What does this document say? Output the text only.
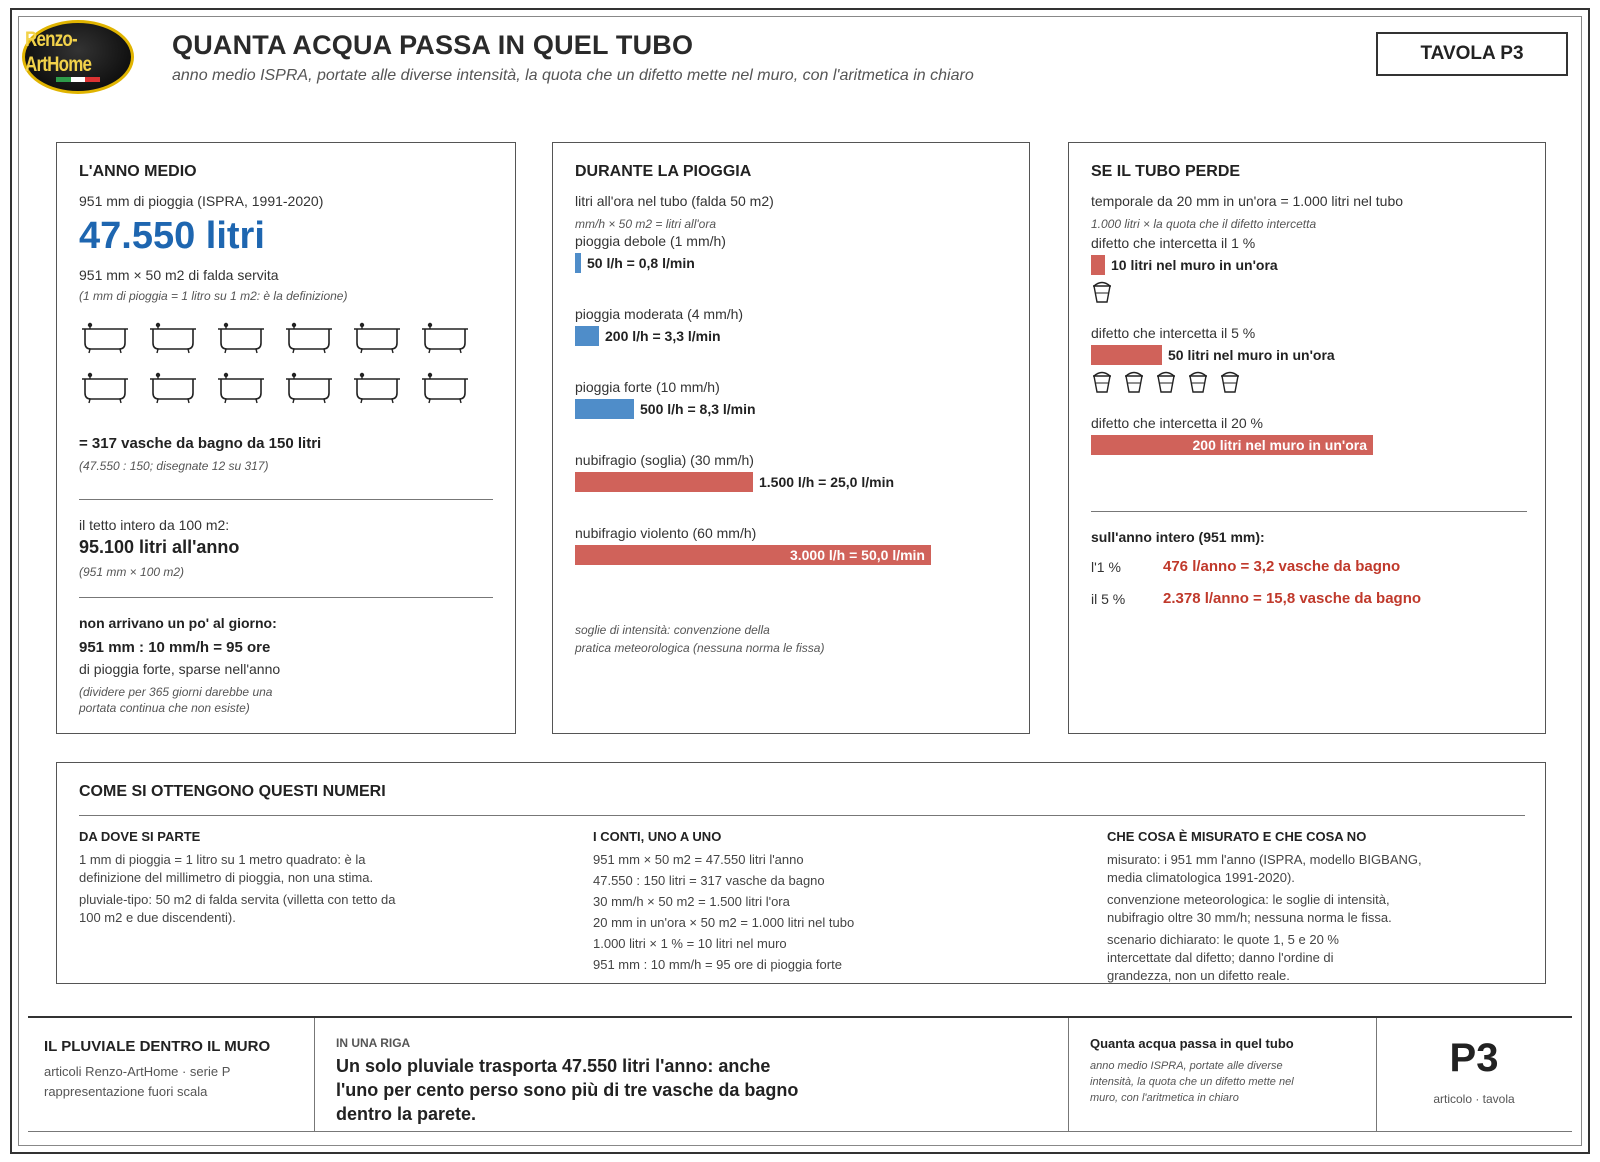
Renzo-ArtHome
QUANTA ACQUA PASSA IN QUEL TUBO
anno medio ISPRA, portate alle diverse intensità, la quota che un difetto mette nel muro, con l'aritmetica in chiaro
TAVOLA P3
L'ANNO MEDIO
951 mm di pioggia (ISPRA, 1991-2020)
47.550 litri
951 mm × 50 m2 di falda servita
(1 mm di pioggia = 1 litro su 1 m2: è la definizione)
= 317 vasche da bagno da 150 litri
(47.550 : 150; disegnate 12 su 317)
il tetto intero da 100 m2:
95.100 litri all'anno
(951 mm × 100 m2)
non arrivano un po' al giorno:
951 mm : 10 mm/h = 95 ore
di pioggia forte, sparse nell'anno
(dividere per 365 giorni darebbe una
portata continua che non esiste)
DURANTE LA PIOGGIA
litri all'ora nel tubo (falda 50 m2)
mm/h × 50 m2 = litri all'ora
pioggia debole (1 mm/h)
50 l/h = 0,8 l/min
pioggia moderata (4 mm/h)
200 l/h = 3,3 l/min
pioggia forte (10 mm/h)
500 l/h = 8,3 l/min
nubifragio (soglia) (30 mm/h)
1.500 l/h = 25,0 l/min
nubifragio violento (60 mm/h)
3.000 l/h = 50,0 l/min
soglie di intensità: convenzione della
pratica meteorologica (nessuna norma le fissa)
SE IL TUBO PERDE
temporale da 20 mm in un'ora = 1.000 litri nel tubo
1.000 litri × la quota che il difetto intercetta
difetto che intercetta il 1 %
10 litri nel muro in un'ora
difetto che intercetta il 5 %
50 litri nel muro in un'ora
difetto che intercetta il 20 %
200 litri nel muro in un'ora
sull'anno intero (951 mm):
l'1 %	476 l/anno = 3,2 vasche da bagno
il 5 %	2.378 l/anno = 15,8 vasche da bagno
COME SI OTTENGONO QUESTI NUMERI
DA DOVE SI PARTE
1 mm di pioggia = 1 litro su 1 metro quadrato: è la
definizione del millimetro di pioggia, non una stima.
pluviale-tipo: 50 m2 di falda servita (villetta con tetto da
100 m2 e due discendenti).
I CONTI, UNO A UNO
951 mm × 50 m2 = 47.550 litri l'anno
47.550 : 150 litri = 317 vasche da bagno
30 mm/h × 50 m2 = 1.500 litri l'ora
20 mm in un'ora × 50 m2 = 1.000 litri nel tubo
1.000 litri × 1 % = 10 litri nel muro
951 mm : 10 mm/h = 95 ore di pioggia forte
CHE COSA È MISURATO E CHE COSA NO
misurato: i 951 mm l'anno (ISPRA, modello BIGBANG,
media climatologica 1991-2020).
convenzione meteorologica: le soglie di intensità,
nubifragio oltre 30 mm/h; nessuna norma le fissa.
scenario dichiarato: le quote 1, 5 e 20 %
intercettate dal difetto; danno l'ordine di
grandezza, non un difetto reale.
IL PLUVIALE DENTRO IL MURO
articoli Renzo-ArtHome · serie P
rappresentazione fuori scala
IN UNA RIGA
Un solo pluviale trasporta 47.550 litri l'anno: anche
l'uno per cento perso sono più di tre vasche da bagno
dentro la parete.
Quanta acqua passa in quel tubo
anno medio ISPRA, portate alle diverse
intensità, la quota che un difetto mette nel
muro, con l'aritmetica in chiaro
P3
articolo · tavola
